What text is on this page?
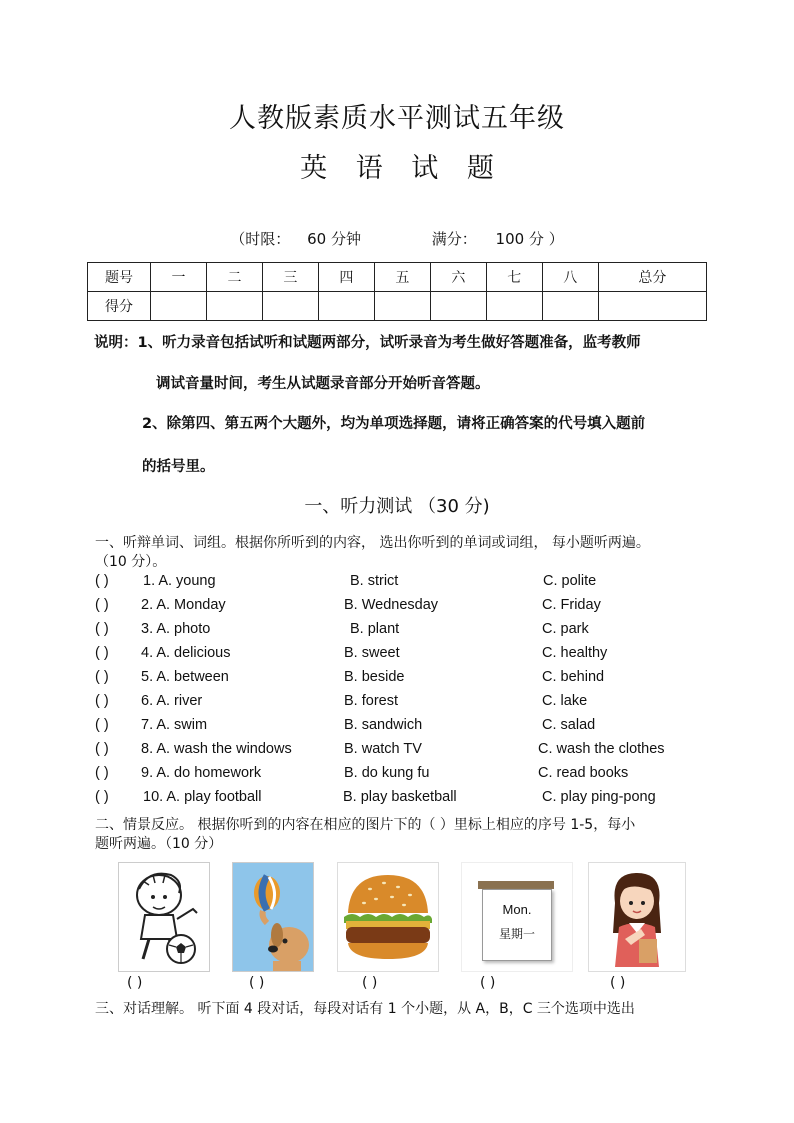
人教版素质水平测试五年级
英 语 试 题
（时限： 60 分钟	满分： 100 分 ）
题号	一	二	三	四	五	六	七	八	总分
得分									
说明：1、听力录音包括试听和试题两部分，试听录音为考生做好答题准备，监考教师
调试音量时间，考生从试题录音部分开始听音答题。
2、除第四、第五两个大题外，均为单项选择题，请将正确答案的代号填入题前
的括号里。
一、听力测试 （30 分)
一、听辩单词、词组。根据你所听到的内容， 选出你听到的单词或词组， 每小题听两遍。
（10 分）。
( ) 1. A. young	B. strict	C. polite
( ) 2. A. Monday	B. Wednesday	C. Friday
( ) 3. A. photo	B. plant	C. park
( ) 4. A. delicious	B. sweet	C. healthy
( ) 5. A. between	B. beside	C. behind
( ) 6. A. river	B. forest	C. lake
( ) 7. A. swim	B. sandwich	C. salad
( ) 8. A. wash the windows	B. watch TV	C. wash the clothes
( ) 9. A. do homework	B. do kung fu	C. read books
( ) 10. A. play football	B. play basketball	C. play ping-pong
二、情景反应。 根据你听到的内容在相应的图片下的（ ）里标上相应的序号 1-5，每小
题听两遍。（10 分）
Mon.
星期一
( )	( )	( )	( )	( )
三、对话理解。 听下面 4 段对话，每段对话有 1 个小题，从 A，B，C 三个选项中选出
